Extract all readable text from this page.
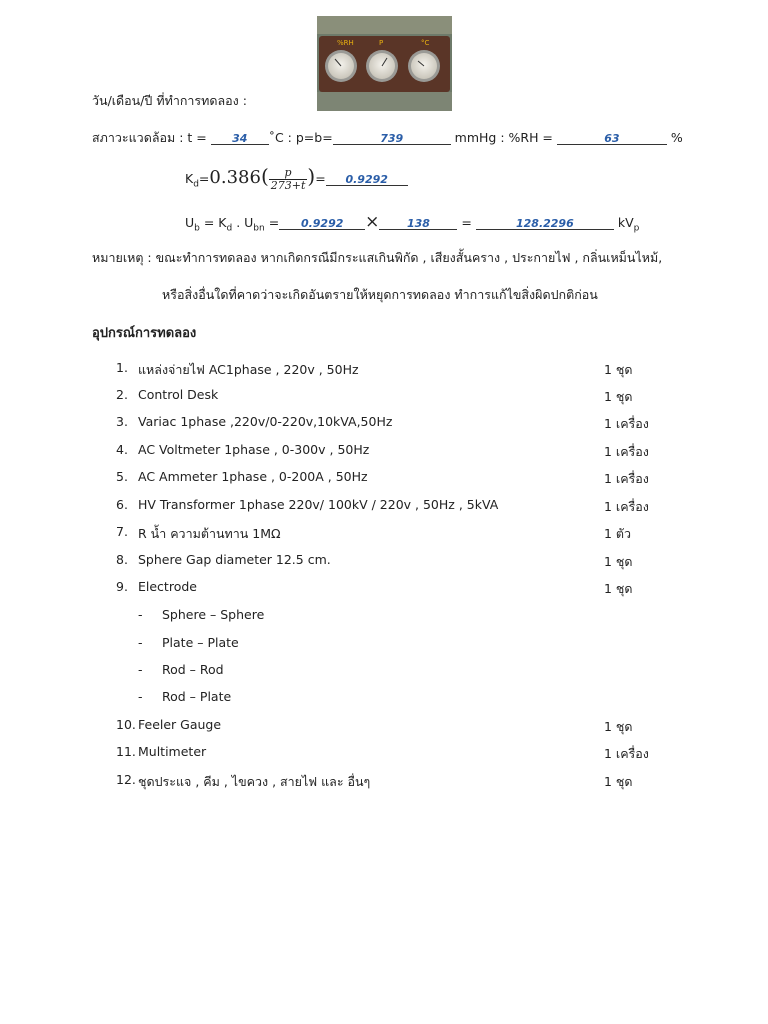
%RH	P	°C
วัน/เดือน/ปี ที่ทำการทดลอง :
สภาวะแวดล้อม : t = 34 ˚C : p=b=	739	mmHg : %RH =	63	%
$K_d=0.386( \frac{p}{273+t}$ )= 0.9292
$U_b = K_d$ . $U_{bn} = 0.9292$ ×	138	=	128.2296	$kV_p$
หมายเหตุ : ขณะทำการทดลอง หากเกิดกรณีมีกระแสเกินพิกัด , เสียงสั้นคราง , ประกายไฟ , กลิ่นเหม็นไหม้,
หรือสิ่งอื่นใดที่คาดว่าจะเกิดอันตรายให้หยุดการทดลอง ทำการแก้ไขสิ่งผิดปกติก่อน
อุปกรณ์การทดลอง
1. แหล่งจ่ายไฟ AC1phase , 220v , 50Hz	1 ชุด
2. Control Desk	1 ชุด
3. Variac 1phase ,220v/0-220v,10kVA,50Hz	1 เครื่อง
4. AC Voltmeter 1phase , 0-300v , 50Hz	1 เครื่อง
5. AC Ammeter 1phase , 0-200A , 50Hz	1 เครื่อง
6. HV Transformer 1phase 220v/ 100kV / 220v , 50Hz , 5kVA	1 เครื่อง
7. R น้ำ ความต้านทาน 1MΩ	1 ตัว
8. Sphere Gap diameter 12.5 cm.	1 ชุด
9. Electrode	1 ชุด
- Sphere – Sphere
- Plate – Plate
- Rod – Rod
- Rod – Plate
10. Feeler Gauge	1 ชุด
11. Multimeter	1 เครื่อง
12. ชุดประแจ , คีม , ไขควง , สายไฟ และ อื่นๆ	1 ชุด
